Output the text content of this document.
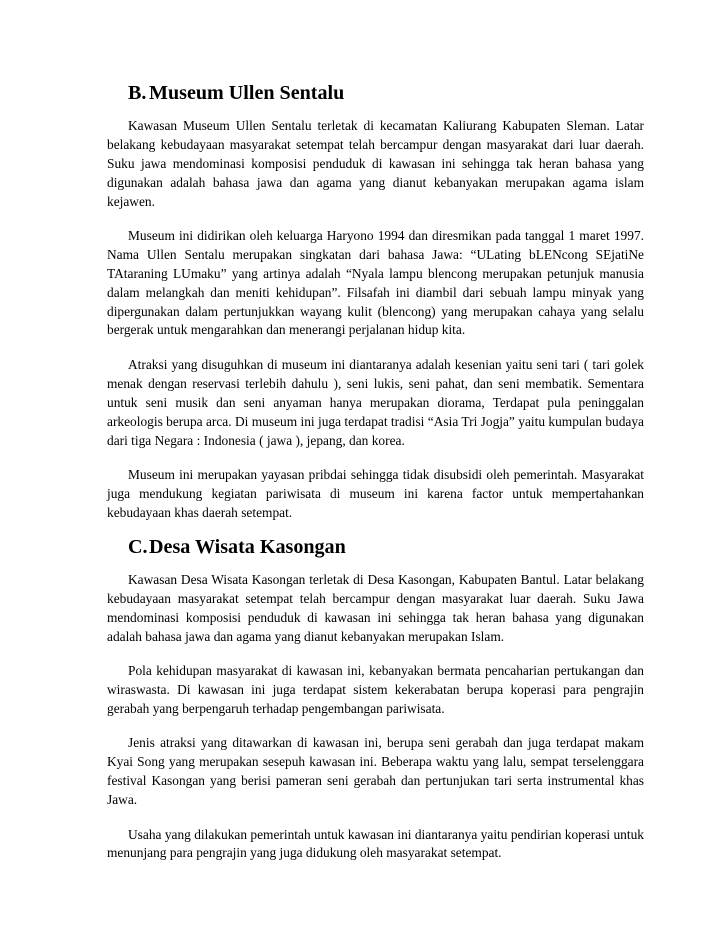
B. Museum Ullen Sentalu

Kawasan Museum Ullen Sentalu terletak di kecamatan Kaliurang Kabupaten Sleman. Latar belakang kebudayaan masyarakat setempat telah bercampur dengan masyarakat dari luar daerah. Suku jawa mendominasi komposisi penduduk di kawasan ini sehingga tak heran bahasa yang digunakan adalah bahasa jawa dan agama yang dianut kebanyakan merupakan agama islam kejawen.

Museum ini didirikan oleh keluarga Haryono 1994 dan diresmikan pada tanggal 1 maret 1997. Nama Ullen Sentalu merupakan singkatan dari bahasa Jawa: “ULating bLENcong SEjatiNe TAtaraning LUmaku” yang artinya adalah “Nyala lampu blencong merupakan petunjuk manusia dalam melangkah dan meniti kehidupan”. Filsafah ini diambil dari sebuah lampu minyak yang dipergunakan dalam pertunjukkan wayang kulit (blencong) yang merupakan cahaya yang selalu bergerak untuk mengarahkan dan menerangi perjalanan hidup kita.

Atraksi yang disuguhkan di museum ini diantaranya adalah kesenian yaitu seni tari ( tari golek menak dengan reservasi terlebih dahulu ), seni lukis, seni pahat, dan seni membatik. Sementara untuk seni musik dan seni anyaman hanya merupakan diorama, Terdapat pula peninggalan arkeologis berupa arca. Di museum ini juga terdapat tradisi “Asia Tri Jogja” yaitu kumpulan budaya dari tiga Negara : Indonesia ( jawa ), jepang, dan korea.

Museum ini merupakan yayasan pribdai sehingga tidak disubsidi oleh pemerintah. Masyarakat juga mendukung kegiatan pariwisata di museum ini karena factor untuk mempertahankan kebudayaan khas daerah setempat.

C. Desa Wisata Kasongan

Kawasan Desa Wisata Kasongan terletak di Desa Kasongan, Kabupaten Bantul. Latar belakang kebudayaan masyarakat setempat telah bercampur dengan masyarakat luar daerah. Suku Jawa mendominasi komposisi penduduk di kawasan ini sehingga tak heran bahasa yang digunakan adalah bahasa jawa dan agama yang dianut kebanyakan merupakan Islam.

Pola kehidupan masyarakat di kawasan ini, kebanyakan bermata pencaharian pertukangan dan wiraswasta. Di kawasan ini juga terdapat sistem kekerabatan berupa koperasi para pengrajin gerabah yang berpengaruh terhadap pengembangan pariwisata.

Jenis atraksi yang ditawarkan di kawasan ini, berupa seni gerabah dan juga terdapat makam Kyai Song yang merupakan sesepuh kawasan ini. Beberapa waktu yang lalu, sempat terselenggara festival Kasongan yang berisi pameran seni gerabah dan pertunjukan tari serta instrumental khas Jawa.

Usaha yang dilakukan pemerintah untuk kawasan ini diantaranya yaitu pendirian koperasi untuk menunjang para pengrajin yang juga didukung oleh masyarakat setempat.
